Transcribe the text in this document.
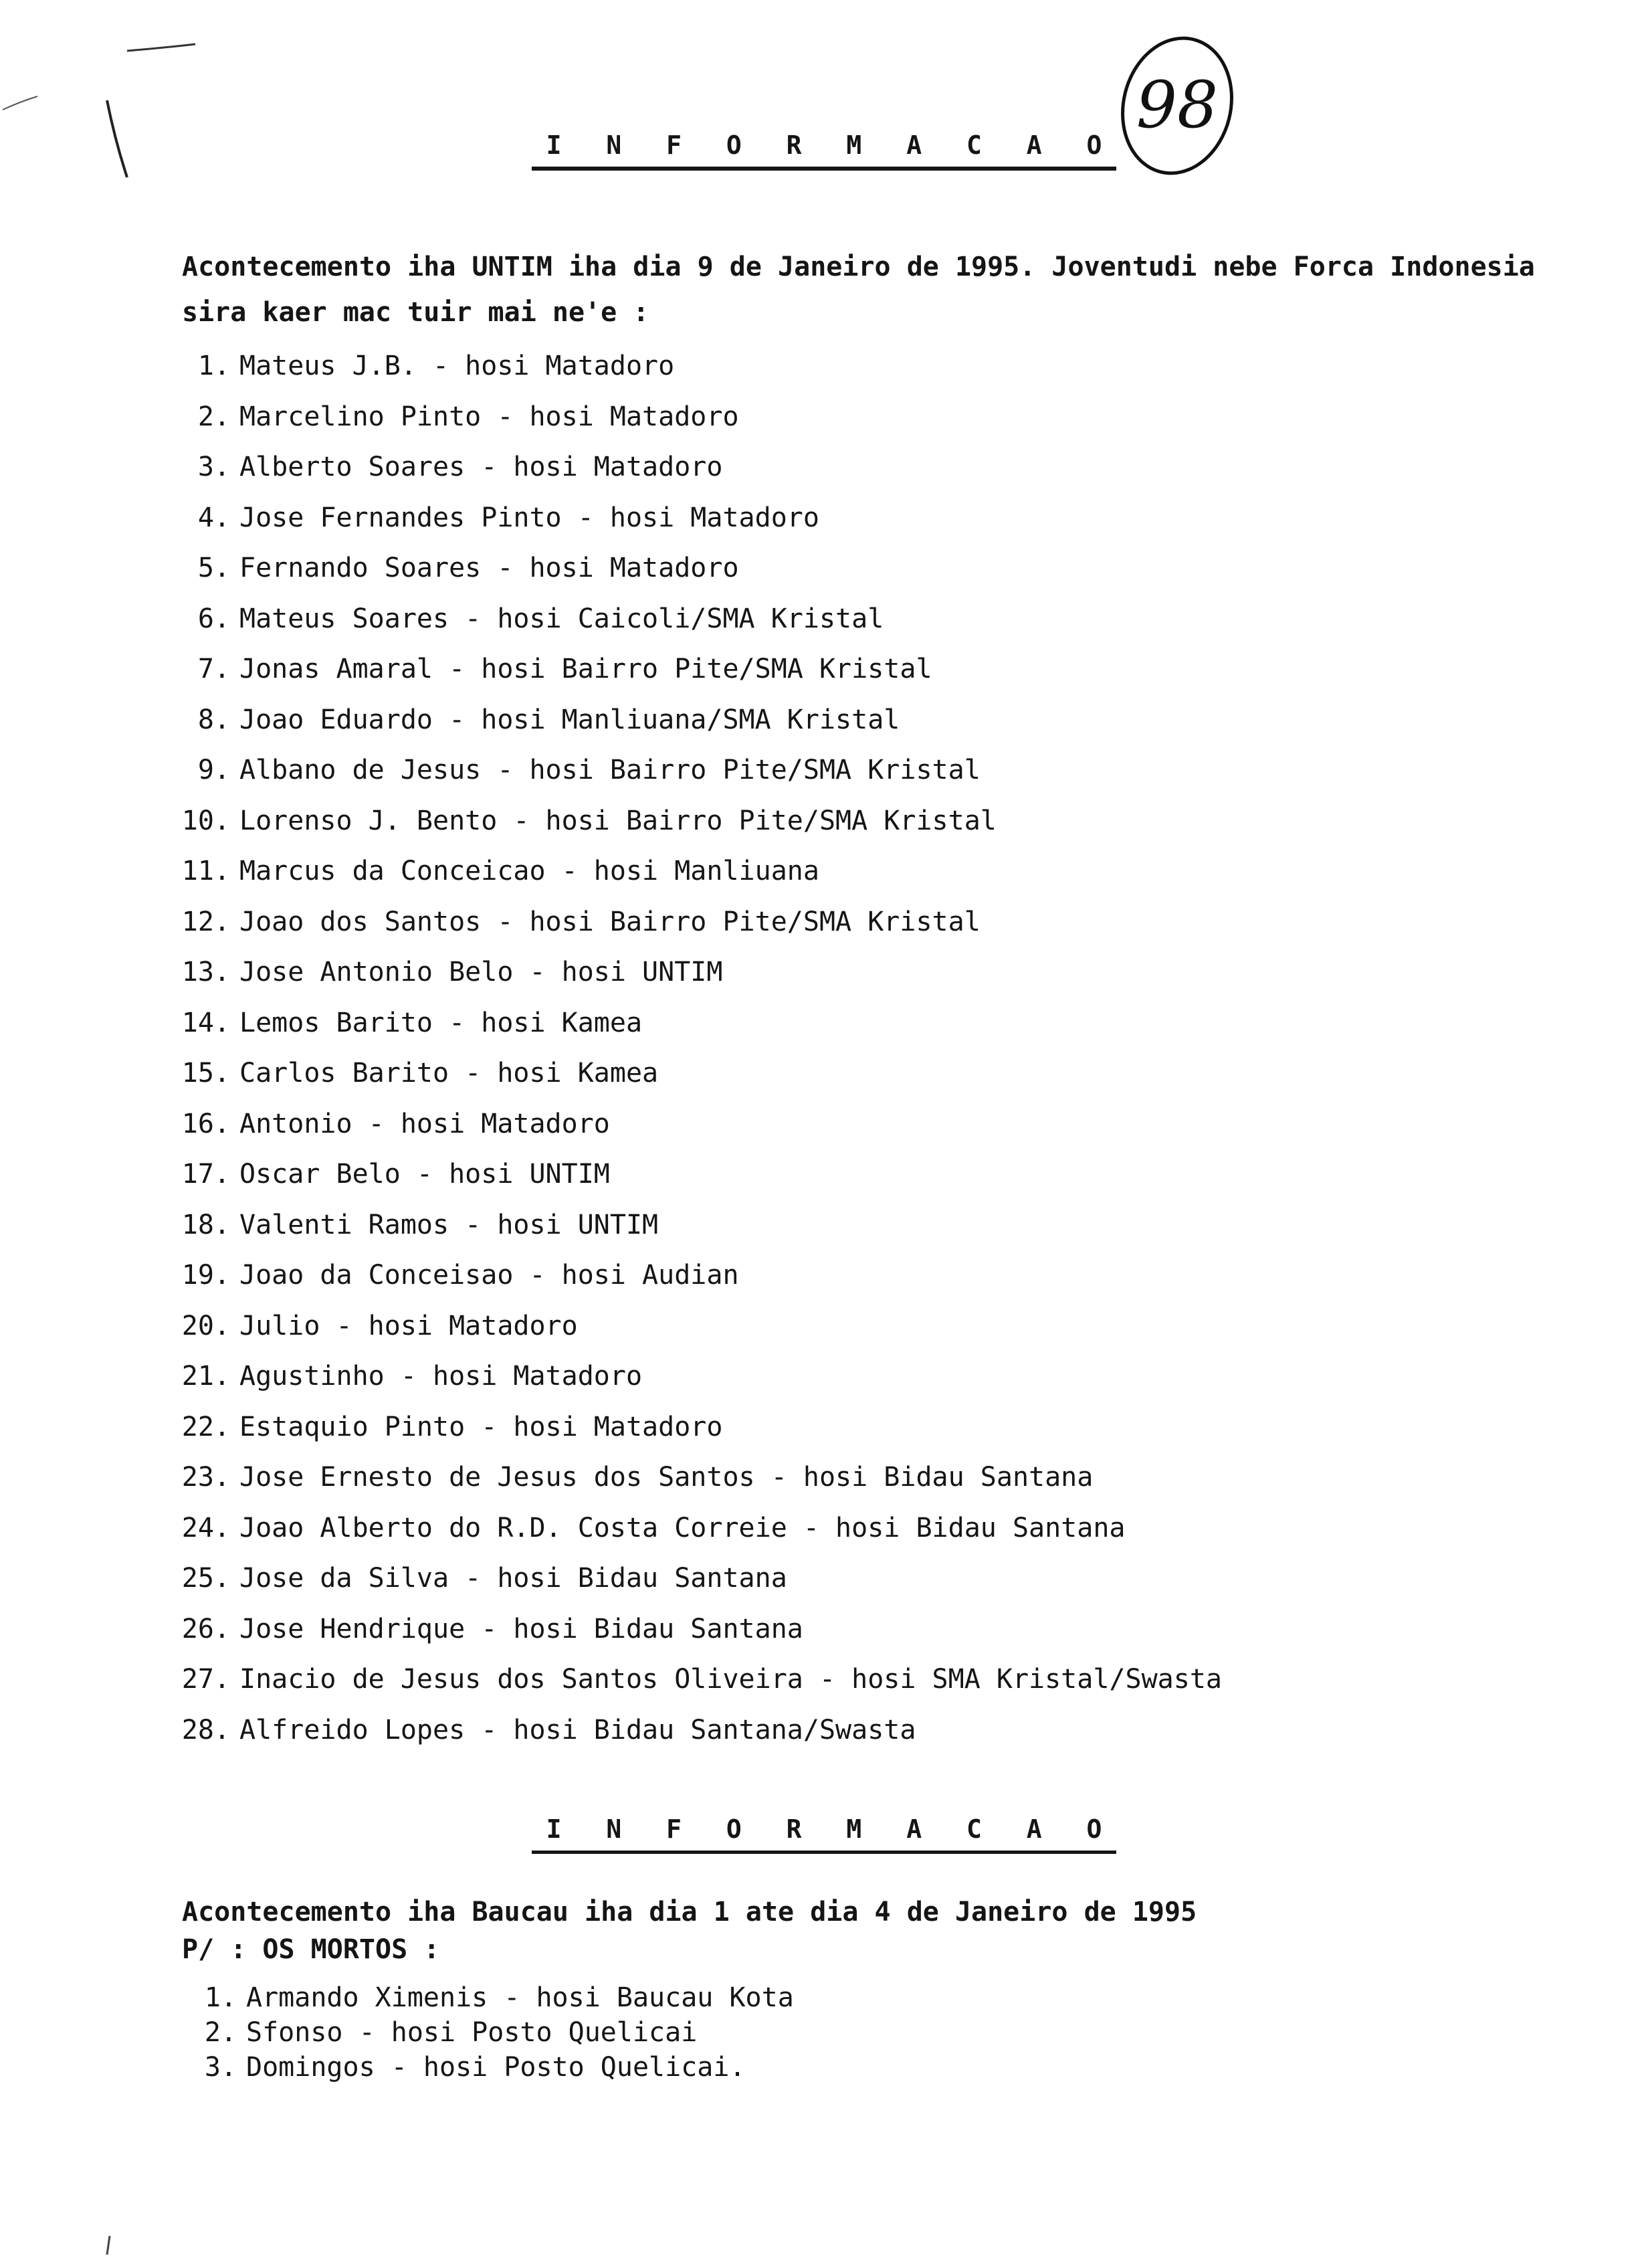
98
I N F O R M A C A O
Acontecemento iha UNTIM iha dia 9 de Janeiro de 1995. Joventudi nebe Forca Indonesia
sira kaer mac tuir mai ne'e :
1. Mateus J.B. - hosi Matadoro
2. Marcelino Pinto - hosi Matadoro
3. Alberto Soares - hosi Matadoro
4. Jose Fernandes Pinto - hosi Matadoro
5. Fernando Soares - hosi Matadoro
6. Mateus Soares - hosi Caicoli/SMA Kristal
7. Jonas Amaral - hosi Bairro Pite/SMA Kristal
8. Joao Eduardo - hosi Manliuana/SMA Kristal
9. Albano de Jesus - hosi Bairro Pite/SMA Kristal
10. Lorenso J. Bento - hosi Bairro Pite/SMA Kristal
11. Marcus da Conceicao - hosi Manliuana
12. Joao dos Santos - hosi Bairro Pite/SMA Kristal
13. Jose Antonio Belo - hosi UNTIM
14. Lemos Barito - hosi Kamea
15. Carlos Barito - hosi Kamea
16. Antonio - hosi Matadoro
17. Oscar Belo - hosi UNTIM
18. Valenti Ramos - hosi UNTIM
19. Joao da Conceisao - hosi Audian
20. Julio - hosi Matadoro
21. Agustinho - hosi Matadoro
22. Estaquio Pinto - hosi Matadoro
23. Jose Ernesto de Jesus dos Santos - hosi Bidau Santana
24. Joao Alberto do R.D. Costa Correie - hosi Bidau Santana
25. Jose da Silva - hosi Bidau Santana
26. Jose Hendrique - hosi Bidau Santana
27. Inacio de Jesus dos Santos Oliveira - hosi SMA Kristal/Swasta
28. Alfreido Lopes - hosi Bidau Santana/Swasta
I N F O R M A C A O
Acontecemento iha Baucau iha dia 1 ate dia 4 de Janeiro de 1995
P/ : OS MORTOS :
1. Armando Ximenis - hosi Baucau Kota
2. Sfonso - hosi Posto Quelicai
3. Domingos - hosi Posto Quelicai.
